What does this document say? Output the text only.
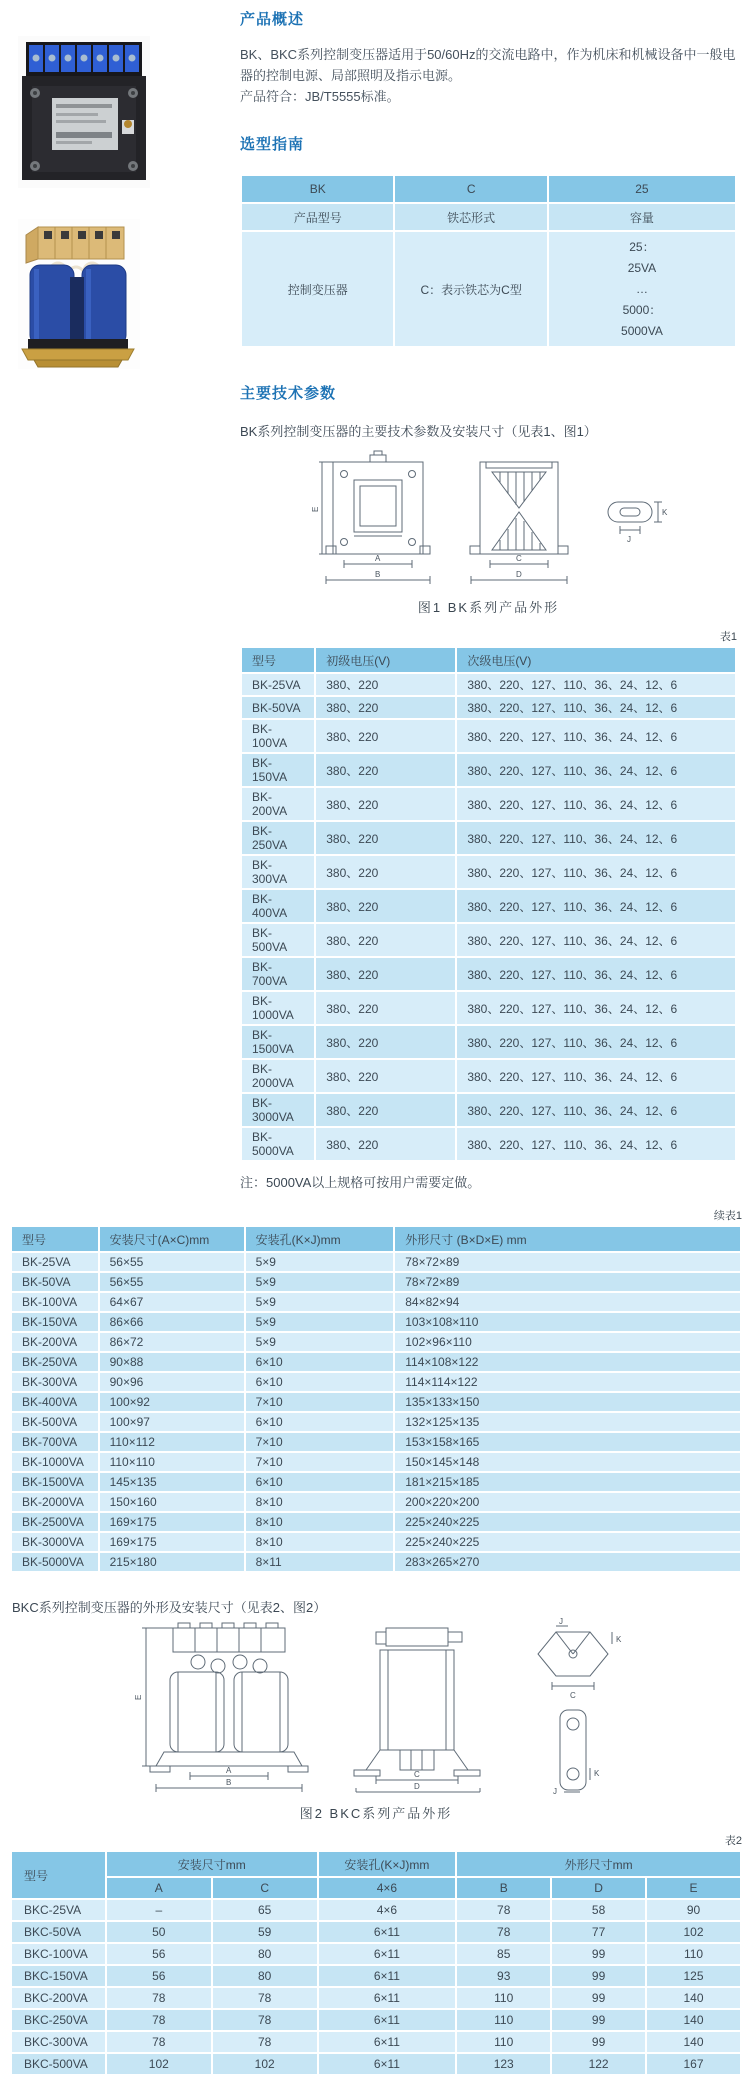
产品概述

BK、BKC系列控制变压器适用于50/60Hz的交流电路中，作为机床和机械设备中一般电器的控制电源、局部照明及指示电源。
产品符合：JB/T5555标准。

选型指南
BK	C	25
产品型号	铁芯形式	容量
控制变压器	C：表示铁芯为C型	25：
25VA
…
5000：
5000VA
主要技术参数
BK系列控制变压器的主要技术参数及安装尺寸（见表1、图1）
E
A
B
C
D
K
J
图1 BK系列产品外形
表1
型号	初级电压(V)	次级电压(V)
BK-25VA	380、220	380、220、127、110、36、24、12、6
BK-50VA	380、220	380、220、127、110、36、24、12、6
BK-100VA	380、220	380、220、127、110、36、24、12、6
BK-150VA	380、220	380、220、127、110、36、24、12、6
BK-200VA	380、220	380、220、127、110、36、24、12、6
BK-250VA	380、220	380、220、127、110、36、24、12、6
BK-300VA	380、220	380、220、127、110、36、24、12、6
BK-400VA	380、220	380、220、127、110、36、24、12、6
BK-500VA	380、220	380、220、127、110、36、24、12、6
BK-700VA	380、220	380、220、127、110、36、24、12、6
BK-1000VA	380、220	380、220、127、110、36、24、12、6
BK-1500VA	380、220	380、220、127、110、36、24、12、6
BK-2000VA	380、220	380、220、127、110、36、24、12、6
BK-3000VA	380、220	380、220、127、110、36、24、12、6
BK-5000VA	380、220	380、220、127、110、36、24、12、6
注：5000VA以上规格可按用户需要定做。
续表1
型号	安装尺寸(A×C)mm	安装孔(K×J)mm	外形尺寸 (B×D×E) mm
BK-25VA	56×55	5×9	78×72×89
BK-50VA	56×55	5×9	78×72×89
BK-100VA	64×67	5×9	84×82×94
BK-150VA	86×66	5×9	103×108×110
BK-200VA	86×72	5×9	102×96×110
BK-250VA	90×88	6×10	114×108×122
BK-300VA	90×96	6×10	114×114×122
BK-400VA	100×92	7×10	135×133×150
BK-500VA	100×97	6×10	132×125×135
BK-700VA	110×112	7×10	153×158×165
BK-1000VA	110×110	7×10	150×145×148
BK-1500VA	145×135	6×10	181×215×185
BK-2000VA	150×160	8×10	200×220×200
BK-2500VA	169×175	8×10	225×240×225
BK-3000VA	169×175	8×10	225×240×225
BK-5000VA	215×180	8×11	283×265×270
BKC系列控制变压器的外形及安装尺寸（见表2、图2）
E
A
B
C
D
J
K
C
K
J
图2 BKC系列产品外形
表2
型号	安装尺寸mm		安装孔(K×J)mm	外形尺寸mm		
	A	C	4×6	B	D	E
BKC-25VA	–	65	4×6	78	58	90
BKC-50VA	50	59	6×11	78	77	102
BKC-100VA	56	80	6×11	85	99	110
BKC-150VA	56	80	6×11	93	99	125
BKC-200VA	78	78	6×11	110	99	140
BKC-250VA	78	78	6×11	110	99	140
BKC-300VA	78	78	6×11	110	99	140
BKC-500VA	102	102	6×11	123	122	167
